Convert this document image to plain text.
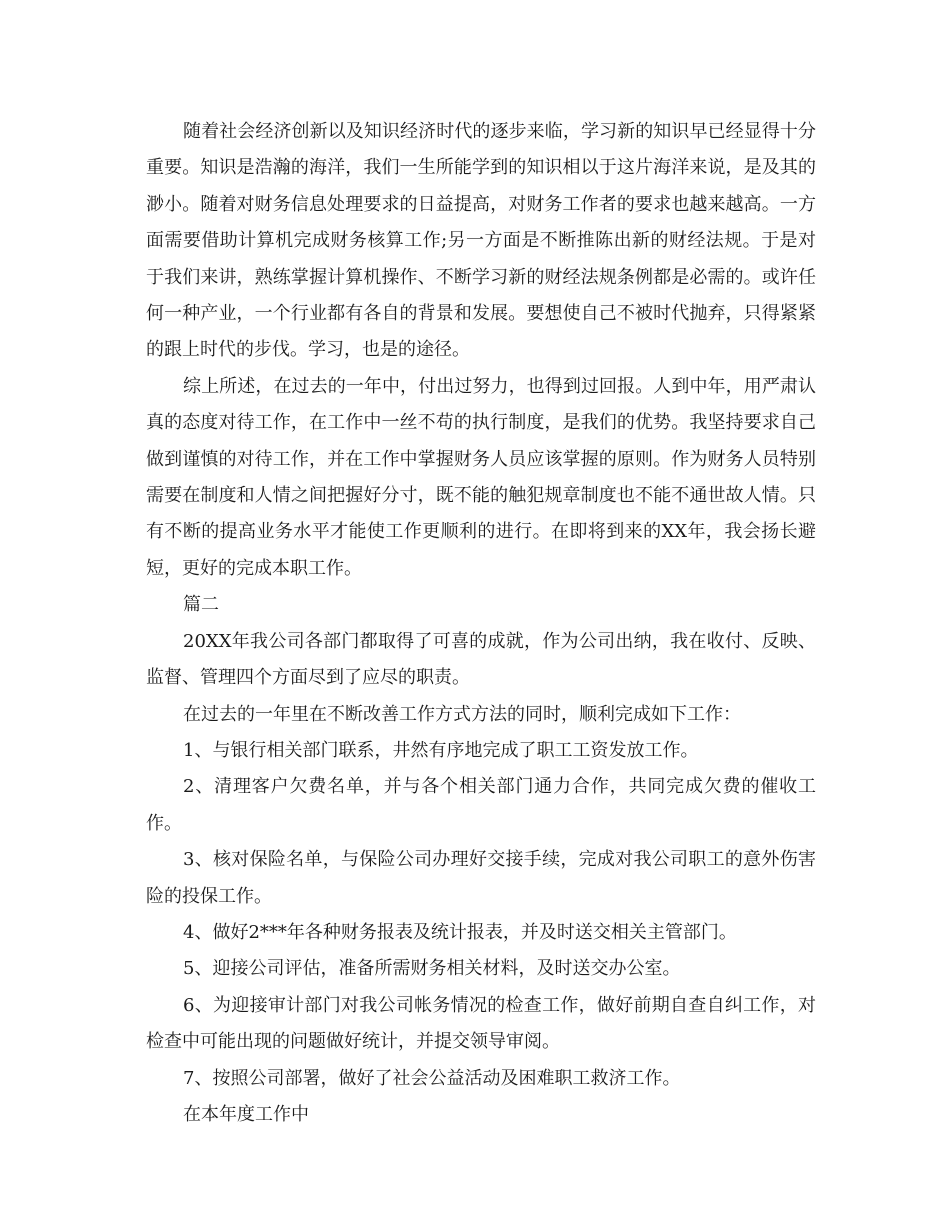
随着社会经济创新以及知识经济时代的逐步来临，学习新的知识早已经显得十分重要。知识是浩瀚的海洋，我们一生所能学到的知识相以于这片海洋来说，是及其的渺小。随着对财务信息处理要求的日益提高，对财务工作者的要求也越来越高。一方面需要借助计算机完成财务核算工作;另一方面是不断推陈出新的财经法规。于是对于我们来讲，熟练掌握计算机操作、不断学习新的财经法规条例都是必需的。或许任何一种产业，一个行业都有各自的背景和发展。要想使自己不被时代抛弃，只得紧紧的跟上时代的步伐。学习，也是的途径。

综上所述，在过去的一年中，付出过努力，也得到过回报。人到中年，用严肃认真的态度对待工作，在工作中一丝不苟的执行制度，是我们的优势。我坚持要求自己做到谨慎的对待工作，并在工作中掌握财务人员应该掌握的原则。作为财务人员特别需要在制度和人情之间把握好分寸，既不能的触犯规章制度也不能不通世故人情。只有不断的提高业务水平才能使工作更顺利的进行。在即将到来的XX年，我会扬长避短，更好的完成本职工作。

篇二

20XX年我公司各部门都取得了可喜的成就，作为公司出纳，我在收付、反映、监督、管理四个方面尽到了应尽的职责。

在过去的一年里在不断改善工作方式方法的同时，顺利完成如下工作：

1、与银行相关部门联系，井然有序地完成了职工工资发放工作。

2、清理客户欠费名单，并与各个相关部门通力合作，共同完成欠费的催收工作。

3、核对保险名单，与保险公司办理好交接手续，完成对我公司职工的意外伤害险的投保工作。

4、做好2***年各种财务报表及统计报表，并及时送交相关主管部门。

5、迎接公司评估，准备所需财务相关材料，及时送交办公室。

6、为迎接审计部门对我公司帐务情况的检查工作，做好前期自查自纠工作，对检查中可能出现的问题做好统计，并提交领导审阅。

7、按照公司部署，做好了社会公益活动及困难职工救济工作。

在本年度工作中
